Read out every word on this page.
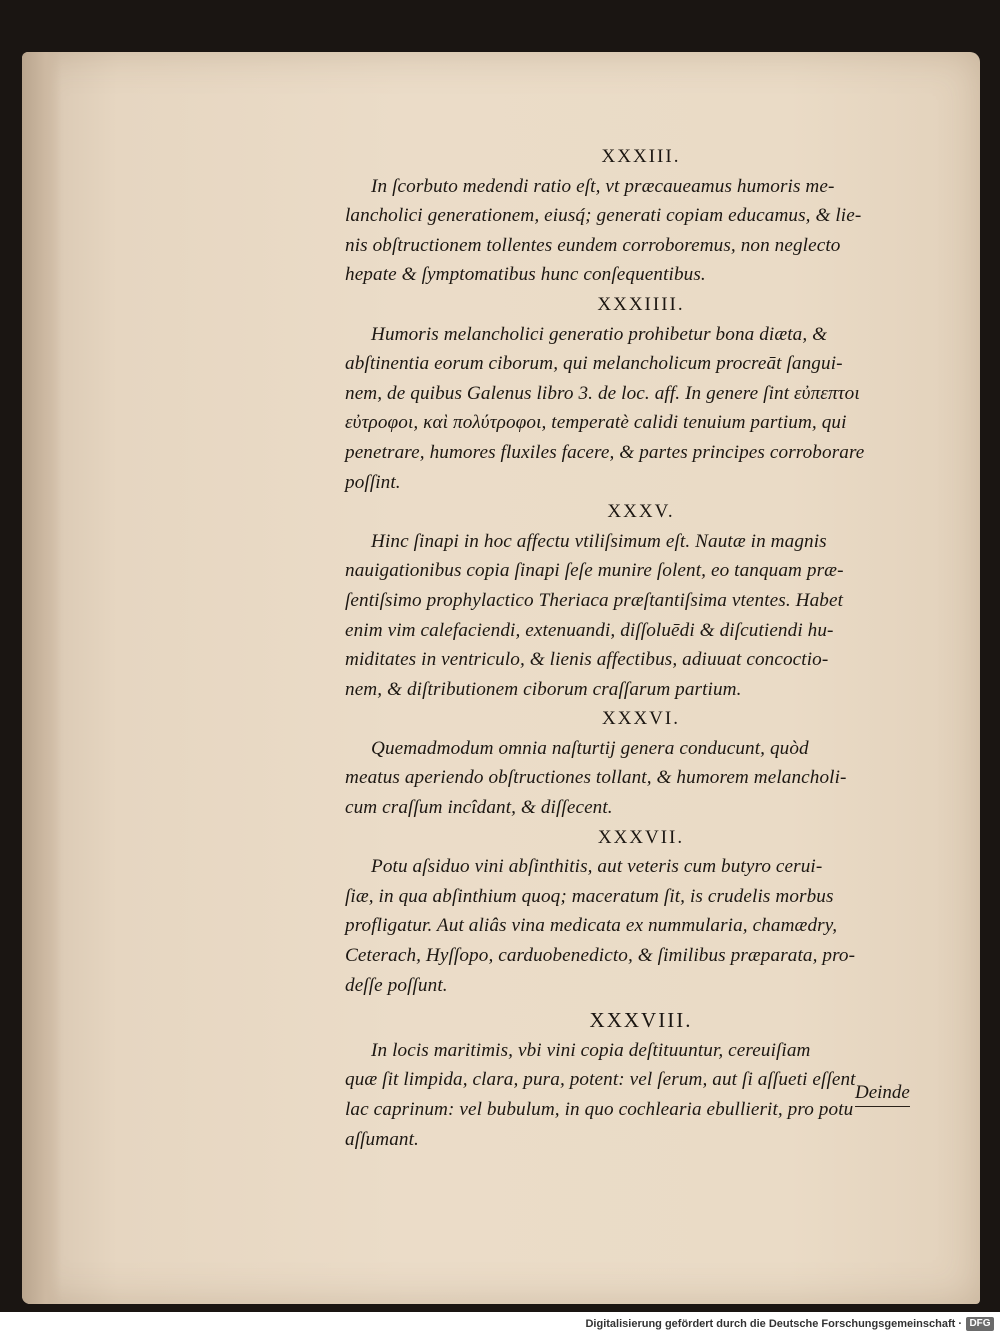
XXXIII.

In ſcorbuto medendi ratio eſt, vt præcaueamus humoris me-
lancholici generationem, eiusq́; generati copiam educamus, & lie-
nis obſtructionem tollentes eundem corroboremus, non neglecto
hepate & ſymptomatibus hunc conſequentibus.

XXXIIII.

Humoris melancholici generatio prohibetur bona diæta, &
abſtinentia eorum ciborum, qui melancholicum procreāt ſangui-
nem, de quibus Galenus libro 3. de loc. aff. In genere ſint εὐπεπτοι
εὐτροφοι, καὶ πολύτροφοι, temperatè calidi tenuium partium, qui
penetrare, humores fluxiles facere, & partes principes corroborare
poſſint.

XXXV.

Hinc ſinapi in hoc affectu vtiliſsimum eſt. Nautæ in magnis
nauigationibus copia ſinapi ſeſe munire ſolent, eo tanquam præ-
ſentiſsimo prophylactico Theriaca præſtantiſsima vtentes. Habet
enim vim calefaciendi, extenuandi, diſſoluēdi & diſcutiendi hu-
miditates in ventriculo, & lienis affectibus, adiuuat concoctio-
nem, & diſtributionem ciborum craſſarum partium.

XXXVI.

Quemadmodum omnia naſturtij genera conducunt, quòd
meatus aperiendo obſtructiones tollant, & humorem melancholi-
cum craſſum incîdant, & diſſecent.

XXXVII.

Potu aſsiduo vini abſinthitis, aut veteris cum butyro cerui-
ſiæ, in qua abſinthium quoq; maceratum ſit, is crudelis morbus
profligatur. Aut aliâs vina medicata ex nummularia, chamædry,
Ceterach, Hyſſopo, carduobenedicto, & ſimilibus præparata, pro-
deſſe poſſunt.

XXXVIII.

In locis maritimis, vbi vini copia deſtituuntur, cereuiſiam
quæ ſit limpida, clara, pura, potent: vel ſerum, aut ſi aſſueti eſſent
lac caprinum: vel bubulum, in quo cochlearia ebullierit, pro potu
aſſumant.

Deinde
Digitalisierung gefördert durch die Deutsche Forschungsgemeinschaft · DFG
